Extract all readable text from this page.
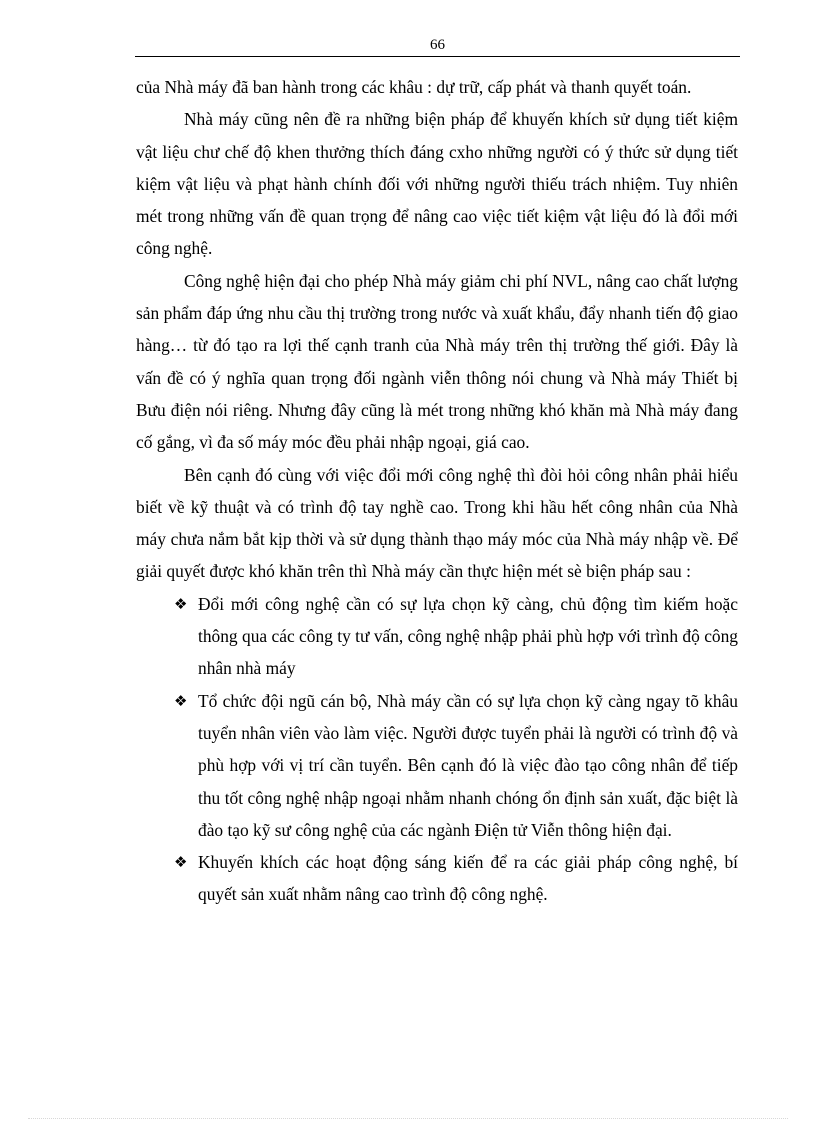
66

của Nhà máy đã ban hành trong các khâu : dự trữ, cấp phát và thanh quyết toán.

Nhà máy cũng nên đề ra những biện pháp để khuyến khích sử dụng tiết kiệm vật liệu chư chế độ khen thưởng thích đáng cxho những người có ý thức sử dụng tiết kiệm vật liệu và phạt hành chính đối với những người thiếu trách nhiệm. Tuy nhiên mét trong những vấn đề quan trọng để nâng cao việc tiết kiệm vật liệu đó là đổi mới công nghệ.

Công nghệ hiện đại cho phép Nhà máy giảm chi phí NVL, nâng cao chất lượng sản phẩm đáp ứng nhu cầu thị trường trong nước và xuất khẩu, đẩy nhanh tiến độ giao hàng… từ đó tạo ra lợi thế cạnh tranh của Nhà máy trên thị trường thế giới. Đây là vấn đề có ý nghĩa quan trọng đối ngành viễn thông nói chung và Nhà máy Thiết bị Bưu điện nói riêng. Nhưng đây cũng là mét trong những khó khăn mà Nhà máy đang cố gắng, vì đa số máy móc đều phải nhập ngoại, giá cao.

Bên cạnh đó cùng với việc đổi mới công nghệ thì đòi hỏi công nhân phải hiểu biết về kỹ thuật và có trình độ tay nghề cao. Trong khi hầu hết công nhân của Nhà máy chưa nắm bắt kịp thời và sử dụng thành thạo máy móc của Nhà máy nhập về. Để giải quyết được khó khăn trên thì Nhà máy cần thực hiện mét sè biện pháp sau :

❖ Đổi mới công nghệ cần có sự lựa chọn kỹ càng, chủ động tìm kiếm hoặc thông qua các công ty tư vấn, công nghệ nhập phải phù hợp với trình độ công nhân nhà máy
❖ Tổ chức đội ngũ cán bộ, Nhà máy cần có sự lựa chọn kỹ càng ngay tõ khâu tuyển nhân viên vào làm việc. Người được tuyển phải là người có trình độ và phù hợp với vị trí cần tuyển. Bên cạnh đó là việc đào tạo công nhân để tiếp thu tốt công nghệ nhập ngoại nhằm nhanh chóng ổn định sản xuất, đặc biệt là đào tạo kỹ sư công nghệ của các ngành Điện tử Viễn thông hiện đại.
❖ Khuyến khích các hoạt động sáng kiến để ra các giải pháp công nghệ, bí quyết sản xuất nhằm nâng cao trình độ công nghệ.
